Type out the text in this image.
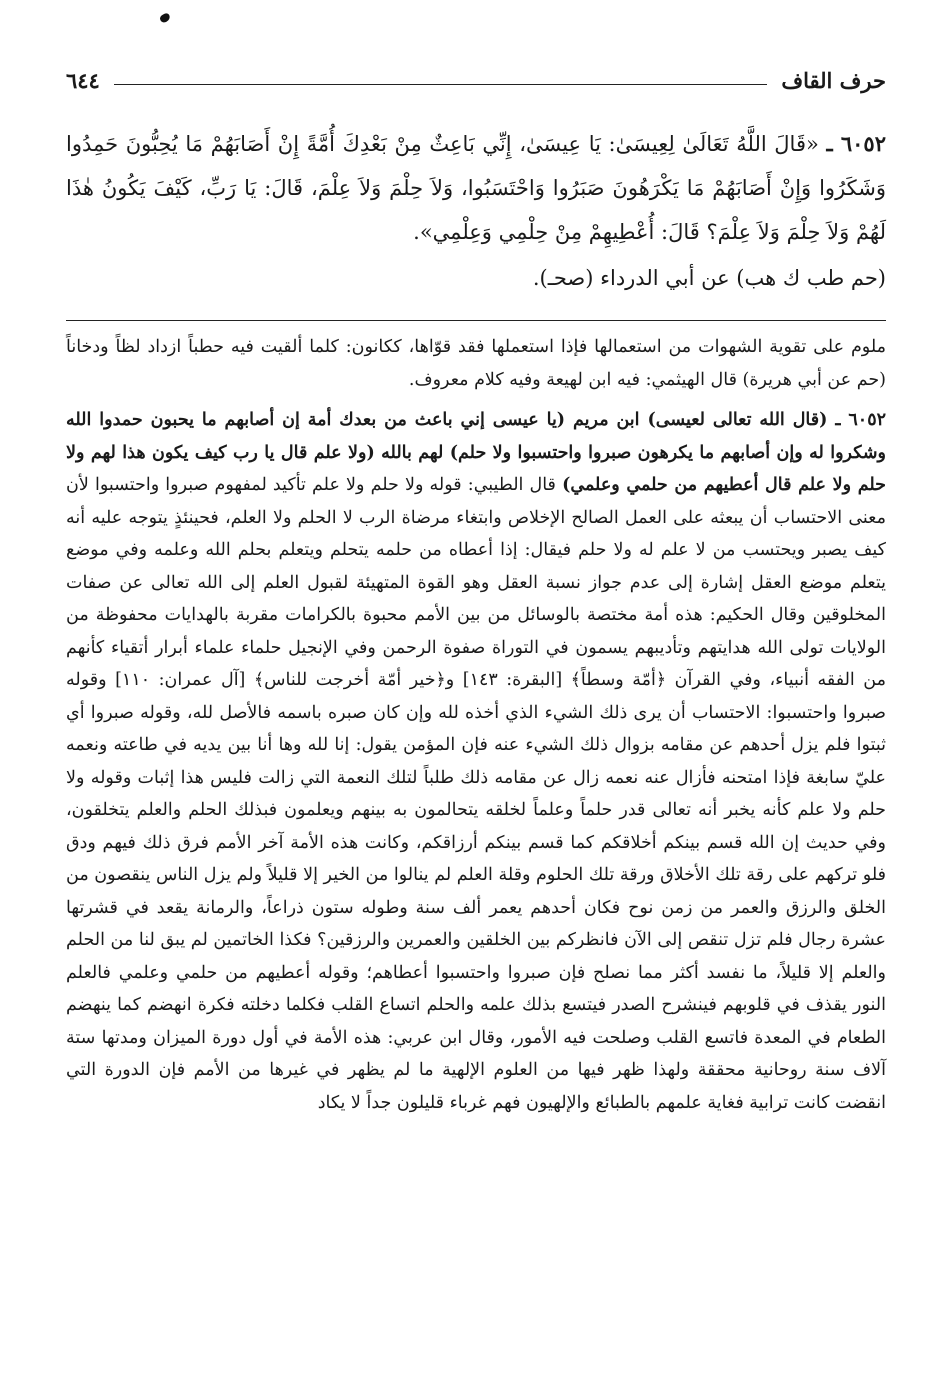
حرف القاف
٦٤٤
٦٠٥٢ ـ «قَالَ اللَّهُ تَعَالَىٰ لِعِيسَىٰ: يَا عِيسَىٰ، إِنِّي بَاعِثٌ مِنْ بَعْدِكَ أُمَّةً إِنْ أَصَابَهُمْ مَا يُحِبُّونَ حَمِدُوا وَشَكَرُوا وَإِنْ أَصَابَهُمْ مَا يَكْرَهُونَ صَبَرُوا وَاحْتَسَبُوا، وَلاَ حِلْمَ وَلاَ عِلْمَ، قَالَ: يَا رَبِّ، كَيْفَ يَكُونُ هٰذَا لَهُمْ وَلاَ حِلْمَ وَلاَ عِلْمَ؟ قَالَ: أُعْطِيهِمْ مِنْ حِلْمِي وَعِلْمِي».
(حم طب ك هب) عن أبي الدرداء (صحـ).

ملوم على تقوية الشهوات من استعمالها فإذا استعملها فقد قوّاها، ككانون: كلما ألقيت فيه حطباً ازداد لظاً ودخاناً (حم عن أبي هريرة) قال الهيثمي: فيه ابن لهيعة وفيه كلام معروف.

٦٠٥٢ ـ (قال الله تعالى لعيسى) ابن مريم (يا عيسى إني باعث من بعدك أمة إن أصابهم ما يحبون حمدوا الله وشكروا له وإن أصابهم ما يكرهون صبروا واحتسبوا ولا حلم) لهم بالله (ولا علم قال يا رب كيف يكون هذا لهم ولا حلم ولا علم قال أعطيهم من حلمي وعلمي) قال الطيبي: قوله ولا حلم ولا علم تأكيد لمفهوم صبروا واحتسبوا لأن معنى الاحتساب أن يبعثه على العمل الصالح الإخلاص وابتغاء مرضاة الرب لا الحلم ولا العلم، فحينئذٍ يتوجه عليه أنه كيف يصبر ويحتسب من لا علم له ولا حلم فيقال: إذا أعطاه من حلمه يتحلم ويتعلم بحلم الله وعلمه وفي موضع يتعلم موضع العقل إشارة إلى عدم جواز نسبة العقل وهو القوة المتهيئة لقبول العلم إلى الله تعالى عن صفات المخلوقين وقال الحكيم: هذه أمة مختصة بالوسائل من بين الأمم محبوة بالكرامات مقربة بالهدايات محفوظة من الولايات تولى الله هدايتهم وتأديبهم يسمون في التوراة صفوة الرحمن وفي الإنجيل حلماء علماء أبرار أتقياء كأنهم من الفقه أنبياء، وفي القرآن ﴿أمّة وسطاً﴾ [البقرة: ١٤٣] و﴿خير أمّة أخرجت للناس﴾ [آل عمران: ١١٠] وقوله صبروا واحتسبوا: الاحتساب أن يرى ذلك الشيء الذي أخذه لله وإن كان صبره باسمه فالأصل لله، وقوله صبروا أي ثبتوا فلم يزل أحدهم عن مقامه بزوال ذلك الشيء عنه فإن المؤمن يقول: إنا لله وها أنا بين يديه في طاعته ونعمه عليّ سابغة فإذا امتحنه فأزال عنه نعمه زال عن مقامه ذلك طلباً لتلك النعمة التي زالت فليس هذا إثبات وقوله ولا حلم ولا علم كأنه يخبر أنه تعالى قدر حلماً وعلماً لخلقه يتحالمون به بينهم ويعلمون فبذلك الحلم والعلم يتخلقون، وفي حديث إن الله قسم بينكم أخلاقكم كما قسم بينكم أرزاقكم، وكانت هذه الأمة آخر الأمم فرق ذلك فيهم ودق فلو تركهم على رقة تلك الأخلاق ورقة تلك الحلوم وقلة العلم لم ينالوا من الخير إلا قليلاً ولم يزل الناس ينقصون من الخلق والرزق والعمر من زمن نوح فكان أحدهم يعمر ألف سنة وطوله ستون ذراعاً، والرمانة يقعد في قشرتها عشرة رجال فلم تزل تنقص إلى الآن فانظركم بين الخلقين والعمرين والرزقين؟ فكذا الخاتمين لم يبق لنا من الحلم والعلم إلا قليلاً، ما نفسد أكثر مما نصلح فإن صبروا واحتسبوا أعطاهم؛ وقوله أعطيهم من حلمي وعلمي فالعلم النور يقذف في قلوبهم فينشرح الصدر فيتسع بذلك علمه والحلم اتساع القلب فكلما دخلته فكرة انهضم كما ينهضم الطعام في المعدة فاتسع القلب وصلحت فيه الأمور، وقال ابن عربي: هذه الأمة في أول دورة الميزان ومدتها ستة آلاف سنة روحانية محققة ولهذا ظهر فيها من العلوم الإلهية ما لم يظهر في غيرها من الأمم فإن الدورة التي انقضت كانت ترابية فغاية علمهم بالطبائع والإلهيون فهم غرباء قليلون جداً لا يكاد
